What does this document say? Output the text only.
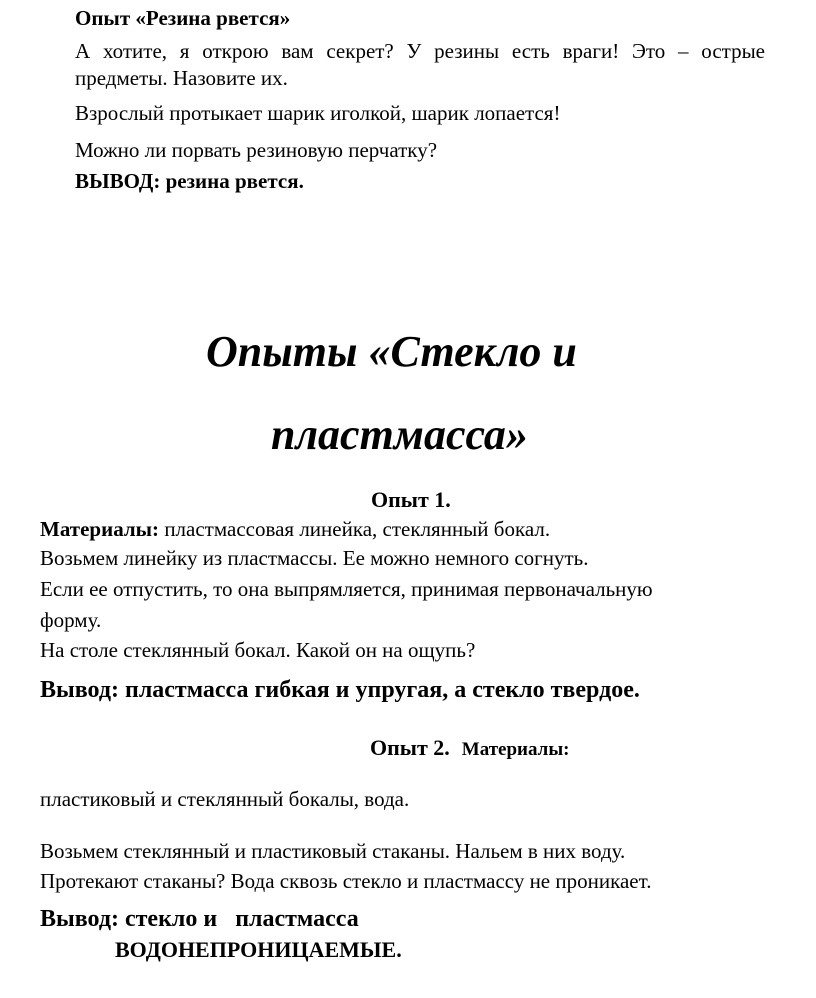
Опыт «Резина рвется»
А хотите, я открою вам секрет? У резины есть враги! Это – острые
предметы. Назовите их.
Взрослый протыкает шарик иголкой, шарик лопается!
Можно ли порвать резиновую перчатку?
ВЫВОД: резина рвется.
Опыты «Стекло и
пластмасса»
Опыт 1.
Материалы: пластмассовая линейка, стеклянный бокал.
Возьмем линейку из пластмассы. Ее можно немного согнуть.
Если ее отпустить, то она выпрямляется, принимая первоначальную
форму.
На столе стеклянный бокал. Какой он на ощупь?
Вывод: пластмасса гибкая и упругая, а стекло твердое.
Опыт 2. Материалы:
пластиковый и стеклянный бокалы, вода.
Возьмем стеклянный и пластиковый стаканы. Нальем в них воду.
Протекают стаканы? Вода сквозь стекло и пластмассу не проникает.
Вывод: стекло и   пластмасса
ВОДОНЕПРОНИЦАЕМЫЕ.
